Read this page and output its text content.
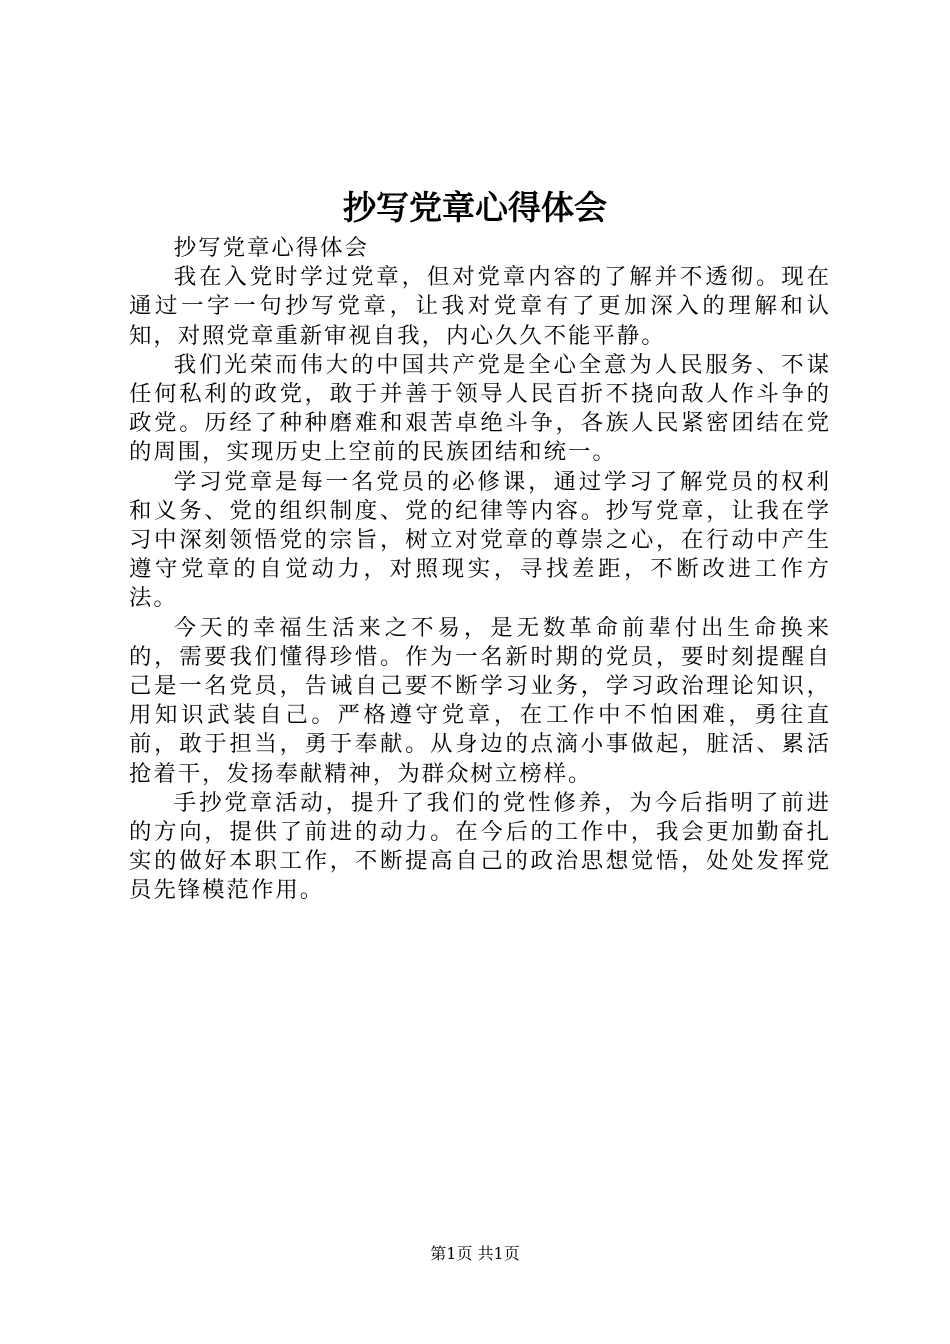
抄写党章心得体会

抄写党章心得体会

我在入党时学过党章，但对党章内容的了解并不透彻。现在通过一字一句抄写党章，让我对党章有了更加深入的理解和认知，对照党章重新审视自我，内心久久不能平静。

我们光荣而伟大的中国共产党是全心全意为人民服务、不谋任何私利的政党，敢于并善于领导人民百折不挠向敌人作斗争的政党。历经了种种磨难和艰苦卓绝斗争，各族人民紧密团结在党的周围，实现历史上空前的民族团结和统一。

学习党章是每一名党员的必修课，通过学习了解党员的权利和义务、党的组织制度、党的纪律等内容。抄写党章，让我在学习中深刻领悟党的宗旨，树立对党章的尊崇之心，在行动中产生遵守党章的自觉动力，对照现实，寻找差距，不断改进工作方法。

今天的幸福生活来之不易，是无数革命前辈付出生命换来的，需要我们懂得珍惜。作为一名新时期的党员，要时刻提醒自己是一名党员，告诫自己要不断学习业务，学习政治理论知识，用知识武装自己。严格遵守党章，在工作中不怕困难，勇往直前，敢于担当，勇于奉献。从身边的点滴小事做起，脏活、累活抢着干，发扬奉献精神，为群众树立榜样。

手抄党章活动，提升了我们的党性修养，为今后指明了前进的方向，提供了前进的动力。在今后的工作中，我会更加勤奋扎实的做好本职工作，不断提高自己的政治思想觉悟，处处发挥党员先锋模范作用。

第1页 共1页
